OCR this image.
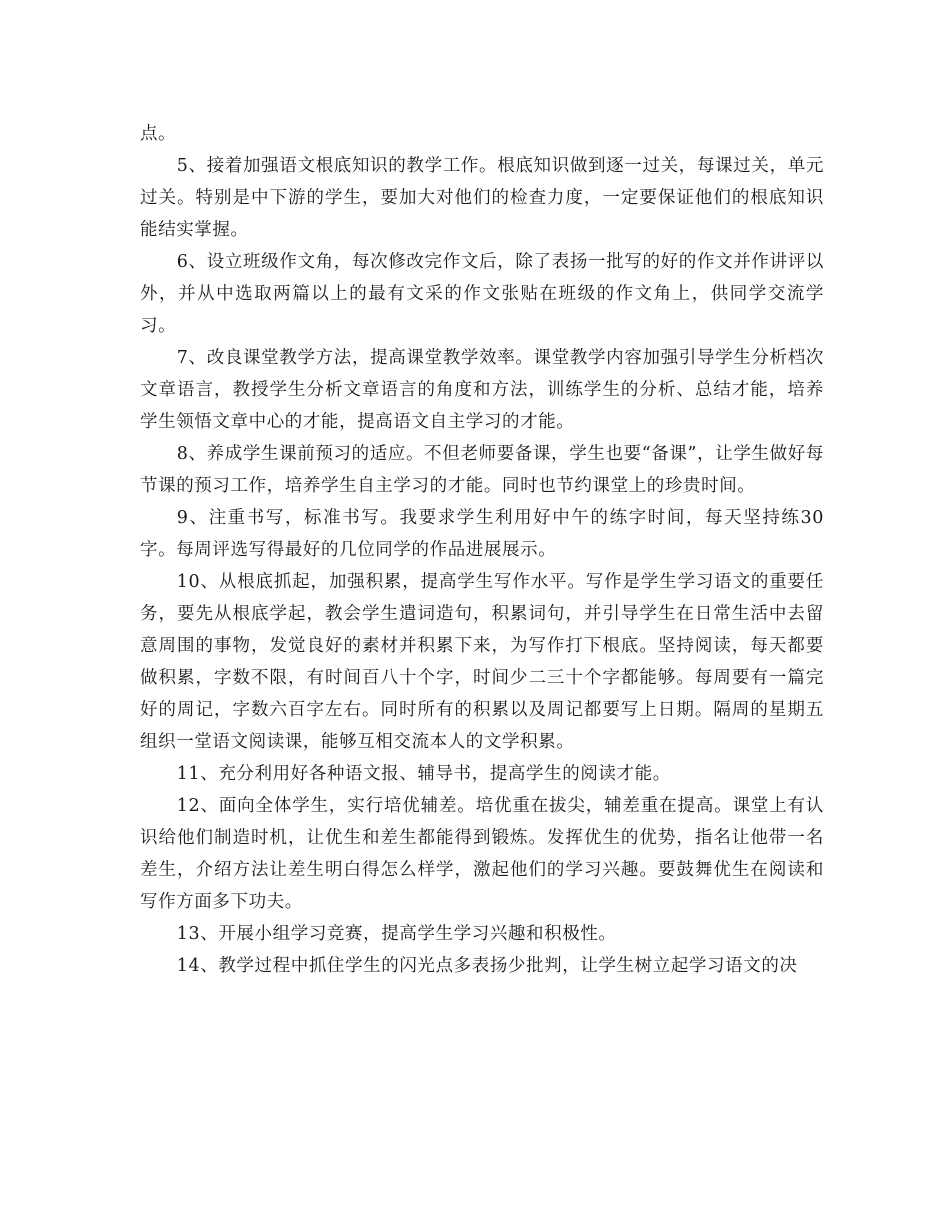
点。

5、接着加强语文根底知识的教学工作。根底知识做到逐一过关，每课过关，单元过关。特别是中下游的学生，要加大对他们的检查力度，一定要保证他们的根底知识能结实掌握。

6、设立班级作文角，每次修改完作文后，除了表扬一批写的好的作文并作讲评以外，并从中选取两篇以上的最有文采的作文张贴在班级的作文角上，供同学交流学习。

7、改良课堂教学方法，提高课堂教学效率。课堂教学内容加强引导学生分析档次文章语言，教授学生分析文章语言的角度和方法，训练学生的分析、总结才能，培养学生领悟文章中心的才能，提高语文自主学习的才能。

8、养成学生课前预习的适应。不但老师要备课，学生也要“备课”，让学生做好每节课的预习工作，培养学生自主学习的才能。同时也节约课堂上的珍贵时间。

9、注重书写，标准书写。我要求学生利用好中午的练字时间，每天坚持练30字。每周评选写得最好的几位同学的作品进展展示。

10、从根底抓起，加强积累，提高学生写作水平。写作是学生学习语文的重要任务，要先从根底学起，教会学生遣词造句，积累词句，并引导学生在日常生活中去留意周围的事物，发觉良好的素材并积累下来，为写作打下根底。坚持阅读，每天都要做积累，字数不限，有时间百八十个字，时间少二三十个字都能够。每周要有一篇完好的周记，字数六百字左右。同时所有的积累以及周记都要写上日期。隔周的星期五组织一堂语文阅读课，能够互相交流本人的文学积累。

11、充分利用好各种语文报、辅导书，提高学生的阅读才能。

12、面向全体学生，实行培优辅差。培优重在拔尖，辅差重在提高。课堂上有认识给他们制造时机，让优生和差生都能得到锻炼。发挥优生的优势，指名让他带一名差生，介绍方法让差生明白得怎么样学，激起他们的学习兴趣。要鼓舞优生在阅读和写作方面多下功夫。

13、开展小组学习竞赛，提高学生学习兴趣和积极性。

14、教学过程中抓住学生的闪光点多表扬少批判，让学生树立起学习语文的决
